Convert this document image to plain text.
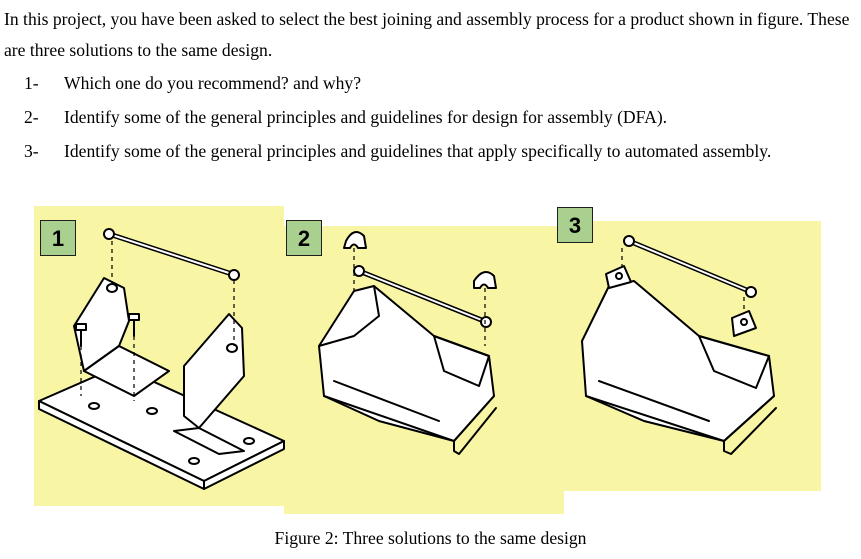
In this project, you have been asked to select the best joining and assembly process for a product shown in figure. These are three solutions to the same design.

1-	Which one do you recommend? and why?
2-	Identify some of the general principles and guidelines for design for assembly (DFA).
3-	Identify some of the general principles and guidelines that apply specifically to automated assembly.
1	2
3
Figure 2: Three solutions to the same design
